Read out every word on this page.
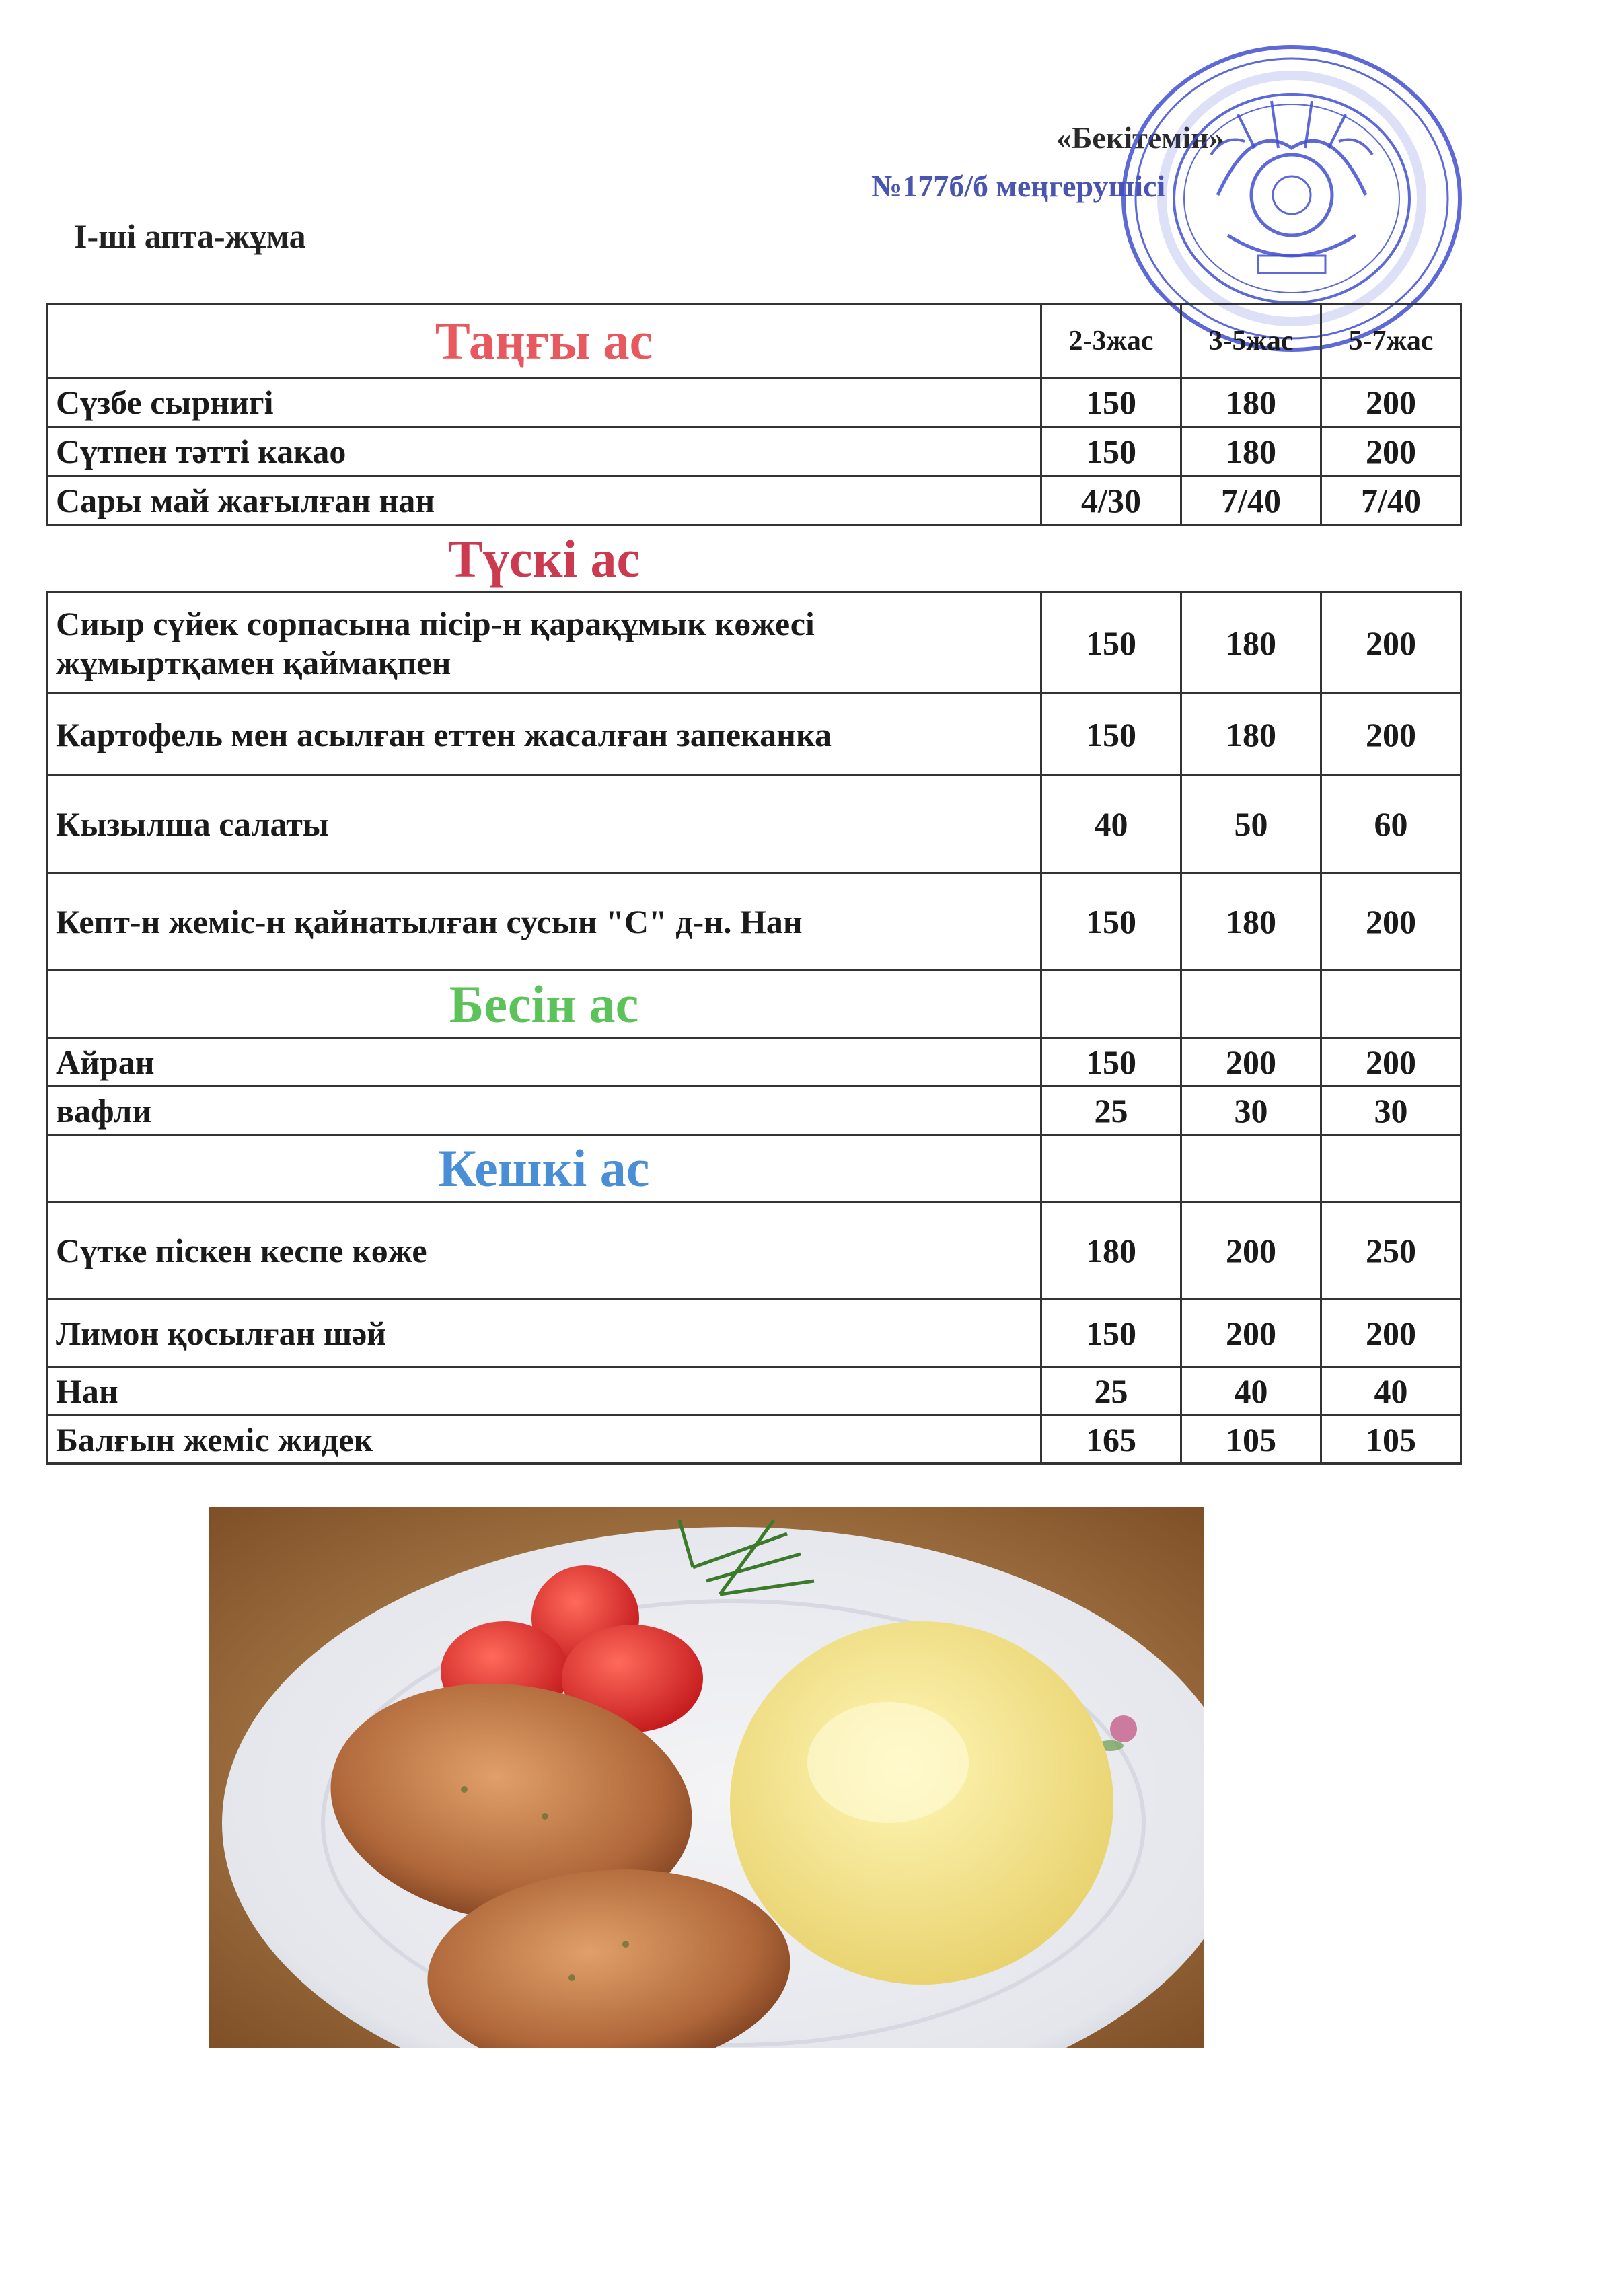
«Бекітемін»
№177б/б меңгерушісі
І-ші апта-жұма
Таңғы ас	2-3жас	3-5жас	5-7жас
Сүзбе сырнигі	150	180	200
Сүтпен тәтті какао	150	180	200
Сары май жағылған нан	4/30	7/40	7/40
Түскі ас			
Сиыр сүйек сорпасына пісір-н қарақұмык көжесі жұмыртқамен қаймақпен	150	180	200
Картофель мен асылған еттен жасалған запеканка	150	180	200
Кызылша салаты	40	50	60
Кепт-н жеміс-н қайнатылған сусын "С" д-н. Нан	150	180	200
Бесін ас			
Айран	150	200	200
вафли	25	30	30
Кешкі ас			
Сүтке піскен кеспе көже	180	200	250
Лимон қосылған шәй	150	200	200
Нан	25	40	40
Балғын жеміс жидек	165	105	105
